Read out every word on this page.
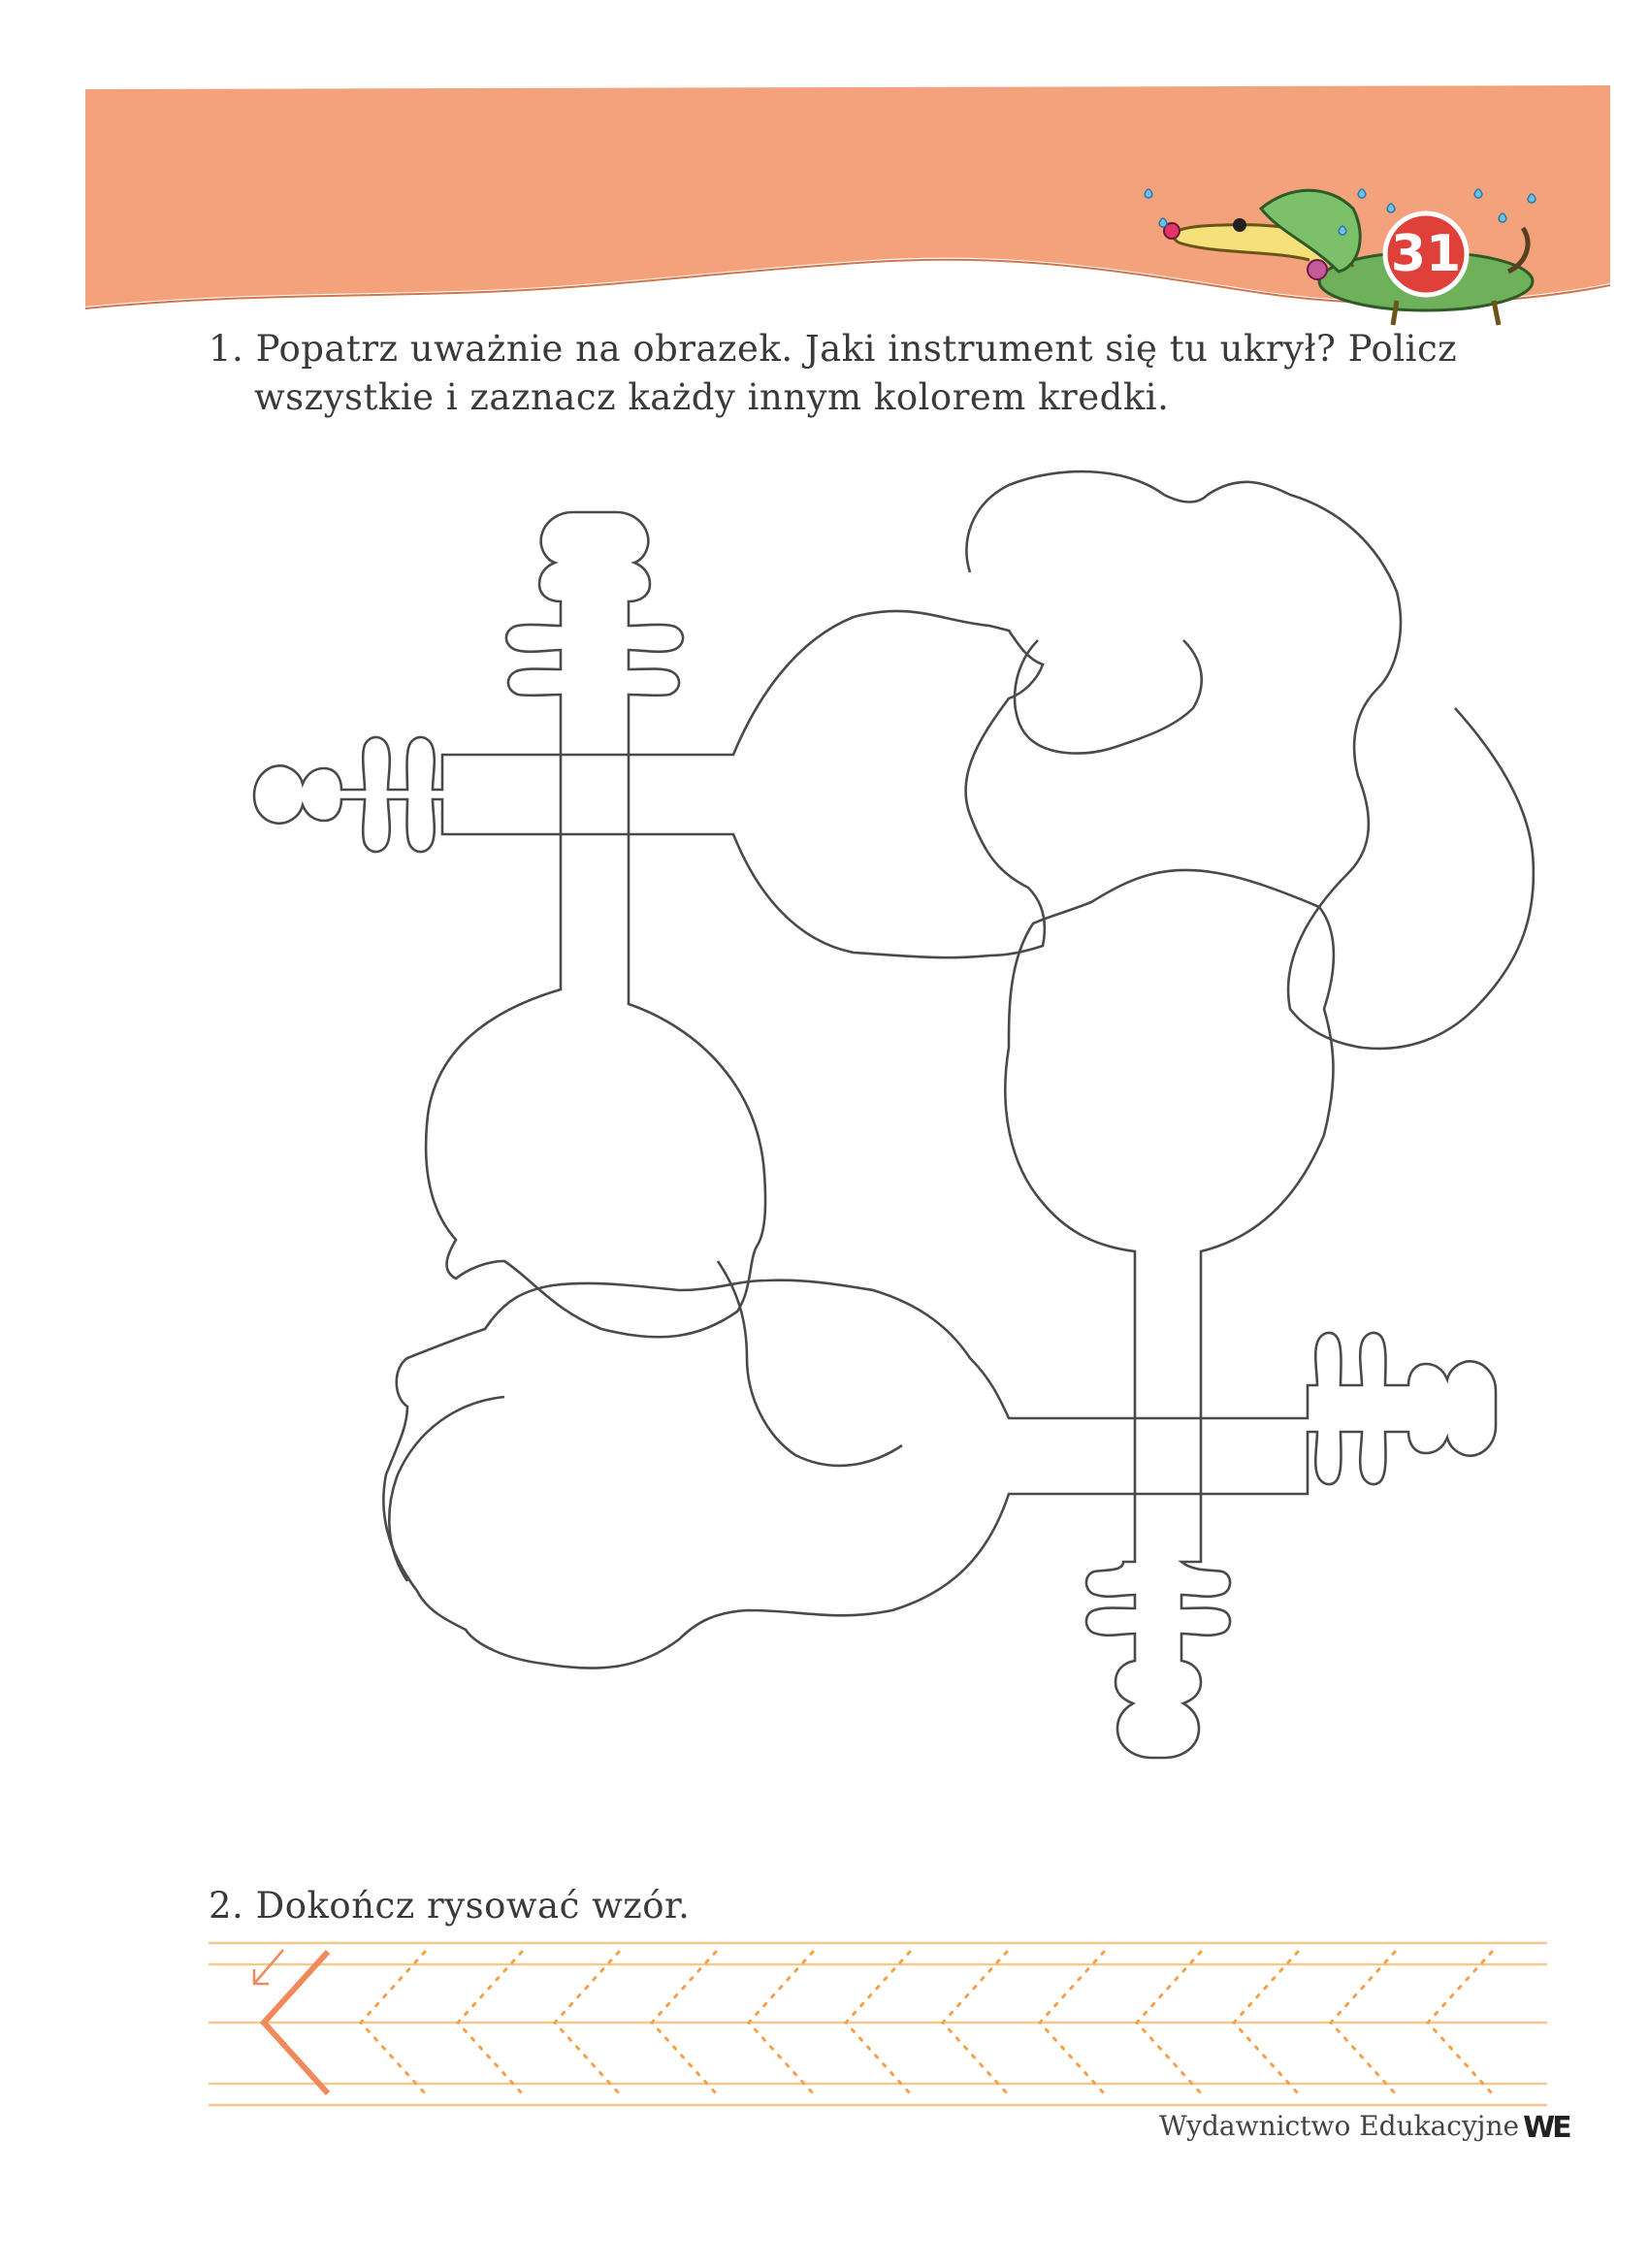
31
1. Popatrz uważnie na obrazek. Jaki instrument się tu ukrył? Policz
wszystkie i zaznacz każdy innym kolorem kredki.
2. Dokończ rysować wzór.
Wydawnictwo Edukacyjne WE
